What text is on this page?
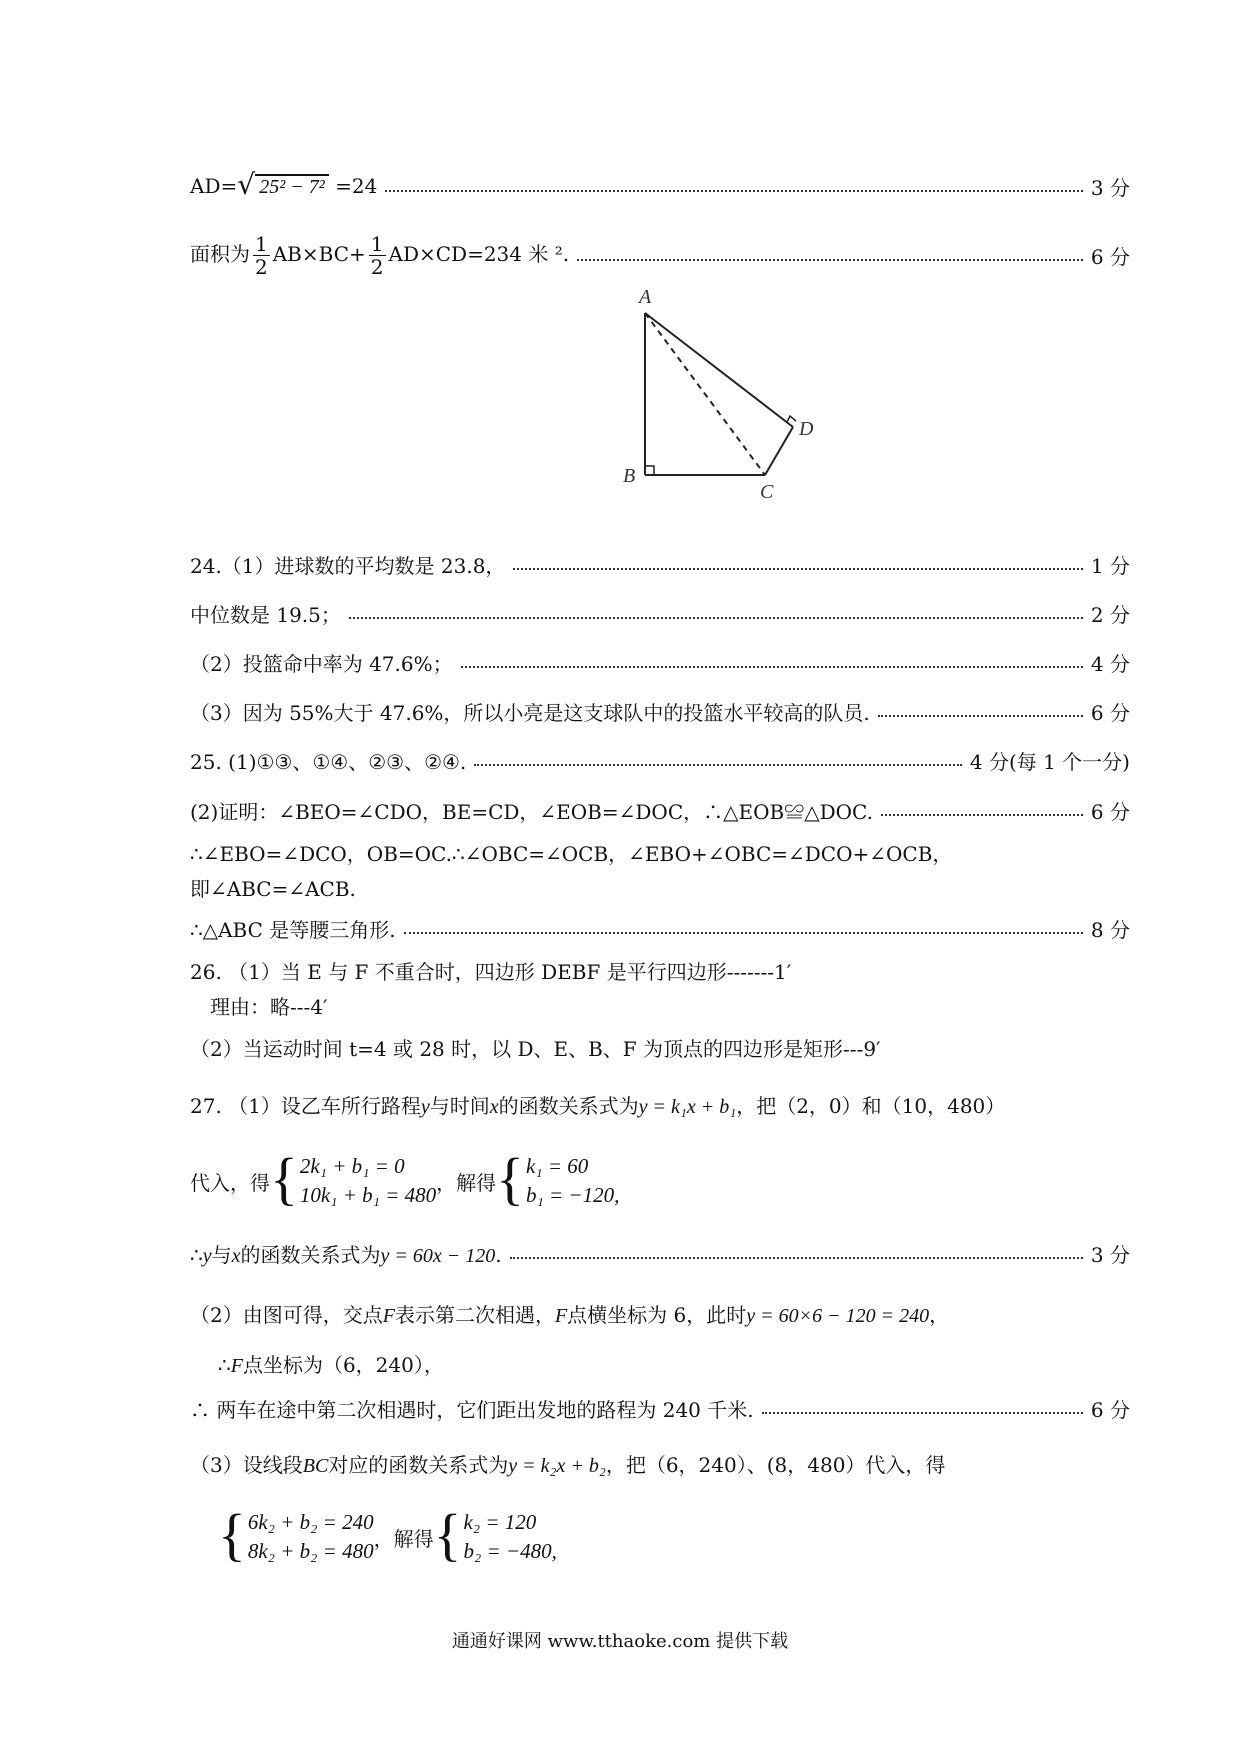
AD= √ 25² − 7² =24	3 分
面积为 $\frac{1}{2} AB\times BC+ \frac{1}{2} AD\times CD=234$ 米 ².	6 分
A
B
C
D
24.（1）进球数的平均数是 23.8，	1 分
中位数是 19.5；	2 分
（2）投篮命中率为 47.6%；	4 分
（3）因为 55%大于 47.6%，所以小亮是这支球队中的投篮水平较高的队员.	6 分
25. (1)①③、①④、②③、②④.	4 分(每 1 个一分)
(2)证明：∠BEO=∠CDO，BE=CD，∠EOB=∠DOC，∴△EOB≌△DOC.	6 分
∴∠EBO=∠DCO，OB=OC.∴∠OBC=∠OCB，∠EBO+∠OBC=∠DCO+∠OCB，
即∠ABC=∠ACB.
∴△ABC 是等腰三角形.	8 分
26. （1）当 E 与 F 不重合时，四边形 DEBF 是平行四边形-------1′
理由：略---4′
（2）当运动时间 t=4 或 28 时，以 D、E、B、F 为顶点的四边形是矩形---9′
27. （1）设乙车所行路程y与时间x的函数关系式为y = k₁x + b₁，把（2，0）和（10，480）
代入，得 { 2k₁ + b₁ = 0
10k₁ + b₁ = 480
，解得 { k₁ = 60
b₁ = −120,
∴y与x的函数关系式为y = 60x − 120.	3 分
（2）由图可得，交点F表示第二次相遇，F点横坐标为 6，此时y = 60×6 − 120 = 240，
∴F点坐标为（6，240），
∴ 两车在途中第二次相遇时，它们距出发地的路程为 240 千米.	6 分
（3）设线段BC对应的函数关系式为y = k₂x + b₂，把（6，240）、(8，480）代入，得
{ 6k₂ + b₂ = 240
8k₂ + b₂ = 480
，解得 { k₂ = 120
b₂ = −480,
通通好课网 www.tthaoke.com 提供下载
